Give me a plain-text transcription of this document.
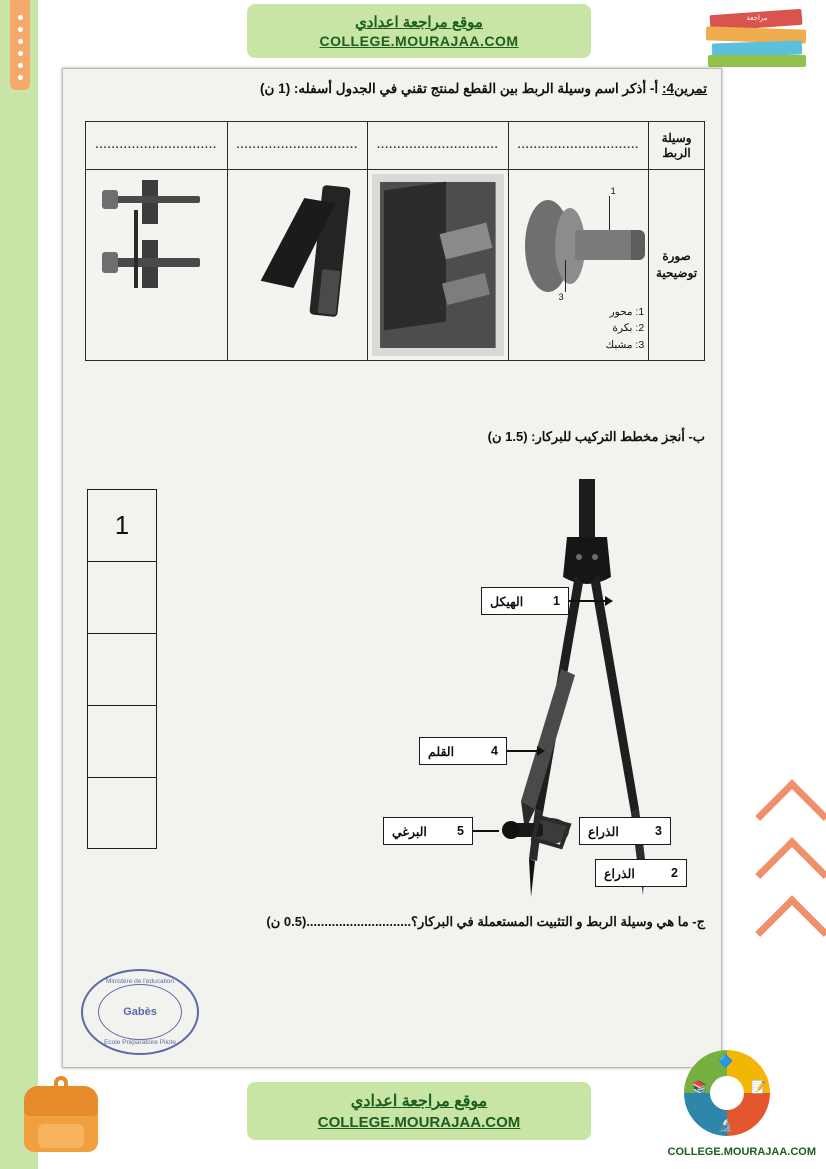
موقع مراجعة اعدادي
COLLEGE.MOURAJAA.COM
مراجعة
تمرين4: أ- أذكر اسم وسيلة الربط بين القطع لمنتج تقني في الجدول أسفله: (1 ن)
وسيلة الربط
صورة توضيحية
..............................
1
3
1: محور
2: بكرة
3: مشبك
..............................
..............................
..............................
ب- أنجز مخطط التركيب للبركار: (1.5 ن)
1
1
الهيكل
4
القلم
5
البرغي	3
الذراع
2
الذراع
ج- ما هي وسيلة الربط و التثبيت المستعملة في البركار؟.............................(0.5 ن)
Ministère de l'education
Gabès
Ecole Préparatoire Pilote
موقع مراجعة اعدادي
COLLEGE.MOURAJAA.COM
📚
🔷
📝
🔬
COLLEGE.MOURAJAA.COM
